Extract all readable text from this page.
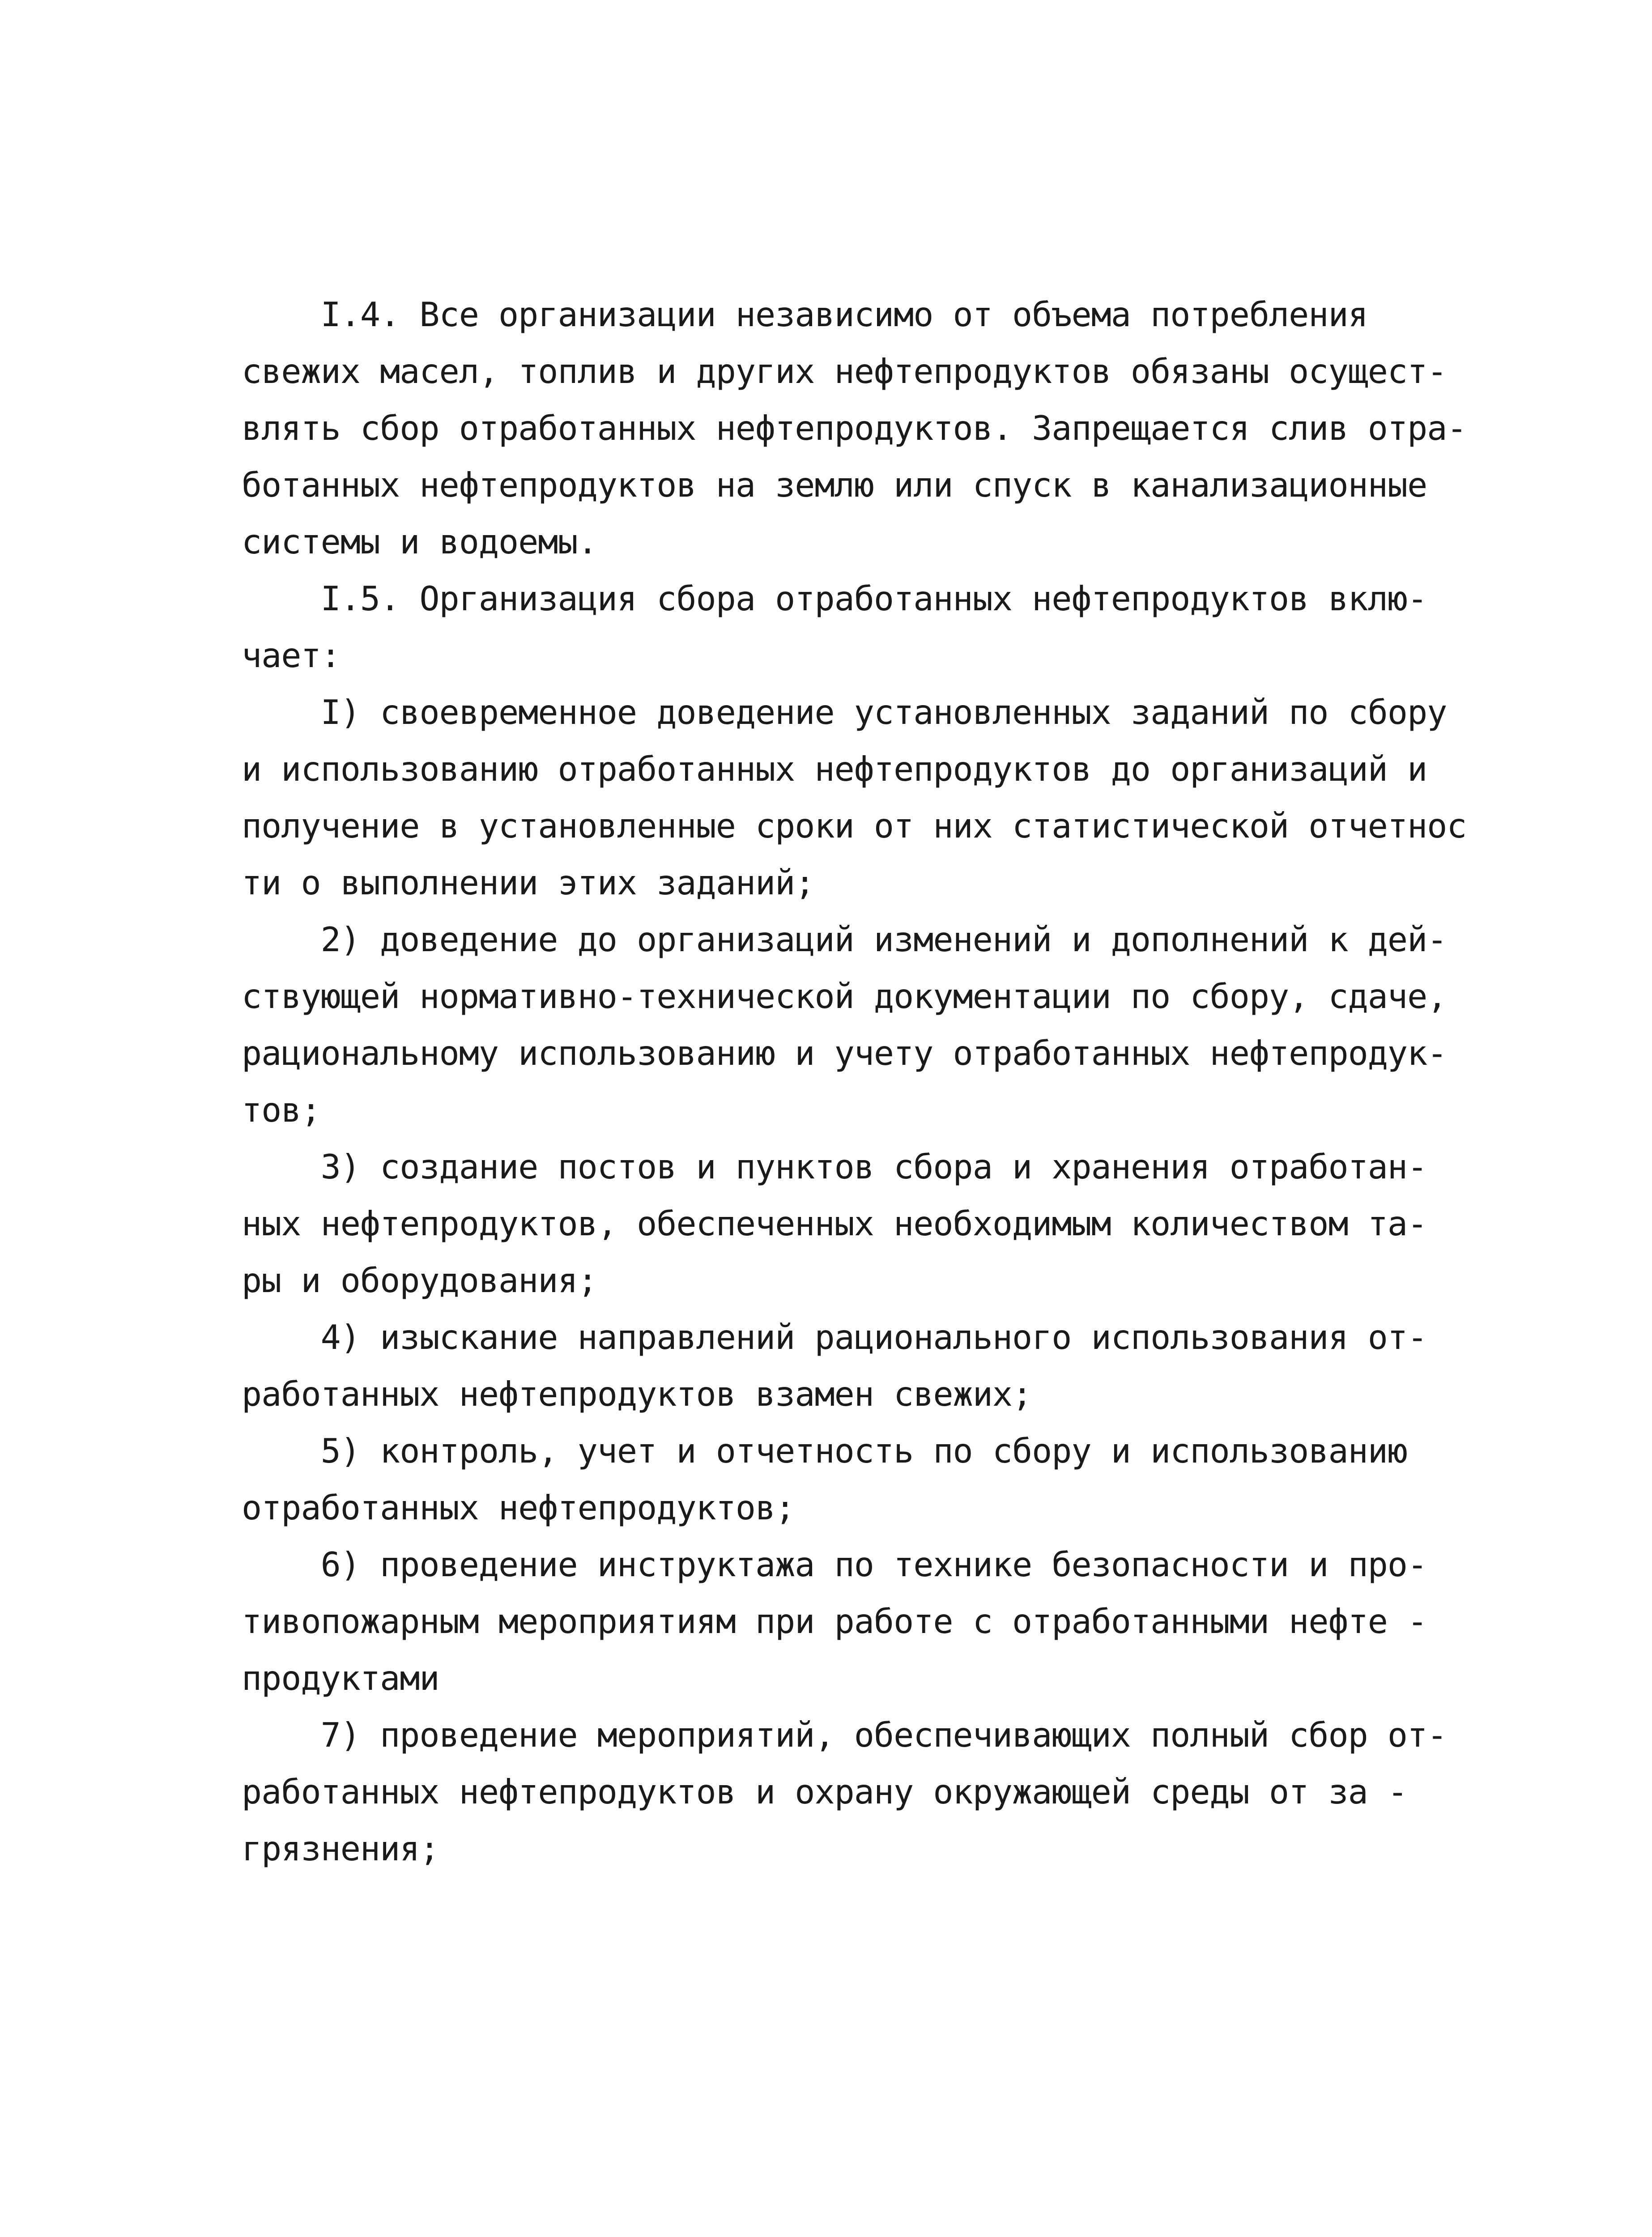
I.4. Все организации независимо от объема потребления
свежих масел, топлив и других нефтепродуктов обязаны осущест-
влять сбор отработанных нефтепродуктов. Запрещается слив отра-
ботанных нефтепродуктов на землю или спуск в канализационные
системы и водоемы.
I.5. Организация сбора отработанных нефтепродуктов вклю-
чает:
I) своевременное доведение установленных заданий по сбору
и использованию отработанных нефтепродуктов до организаций и
получение в установленные сроки от них статистической отчетнос
ти о выполнении этих заданий;
2) доведение до организаций изменений и дополнений к дей-
ствующей нормативно-технической документации по сбору, сдаче,
рациональному использованию и учету отработанных нефтепродук-
тов;
3) создание постов и пунктов сбора и хранения отработан-
ных нефтепродуктов, обеспеченных необходимым количеством та-
ры и оборудования;
4) изыскание направлений рационального использования от-
работанных нефтепродуктов взамен свежих;
5) контроль, учет и отчетность по сбору и использованию
отработанных нефтепродуктов;
6) проведение инструктажа по технике безопасности и про-
тивопожарным мероприятиям при работе с отработанными нефте -
продуктами
7) проведение мероприятий, обеспечивающих полный сбор от-
работанных нефтепродуктов и охрану окружающей среды от за -
грязнения;
